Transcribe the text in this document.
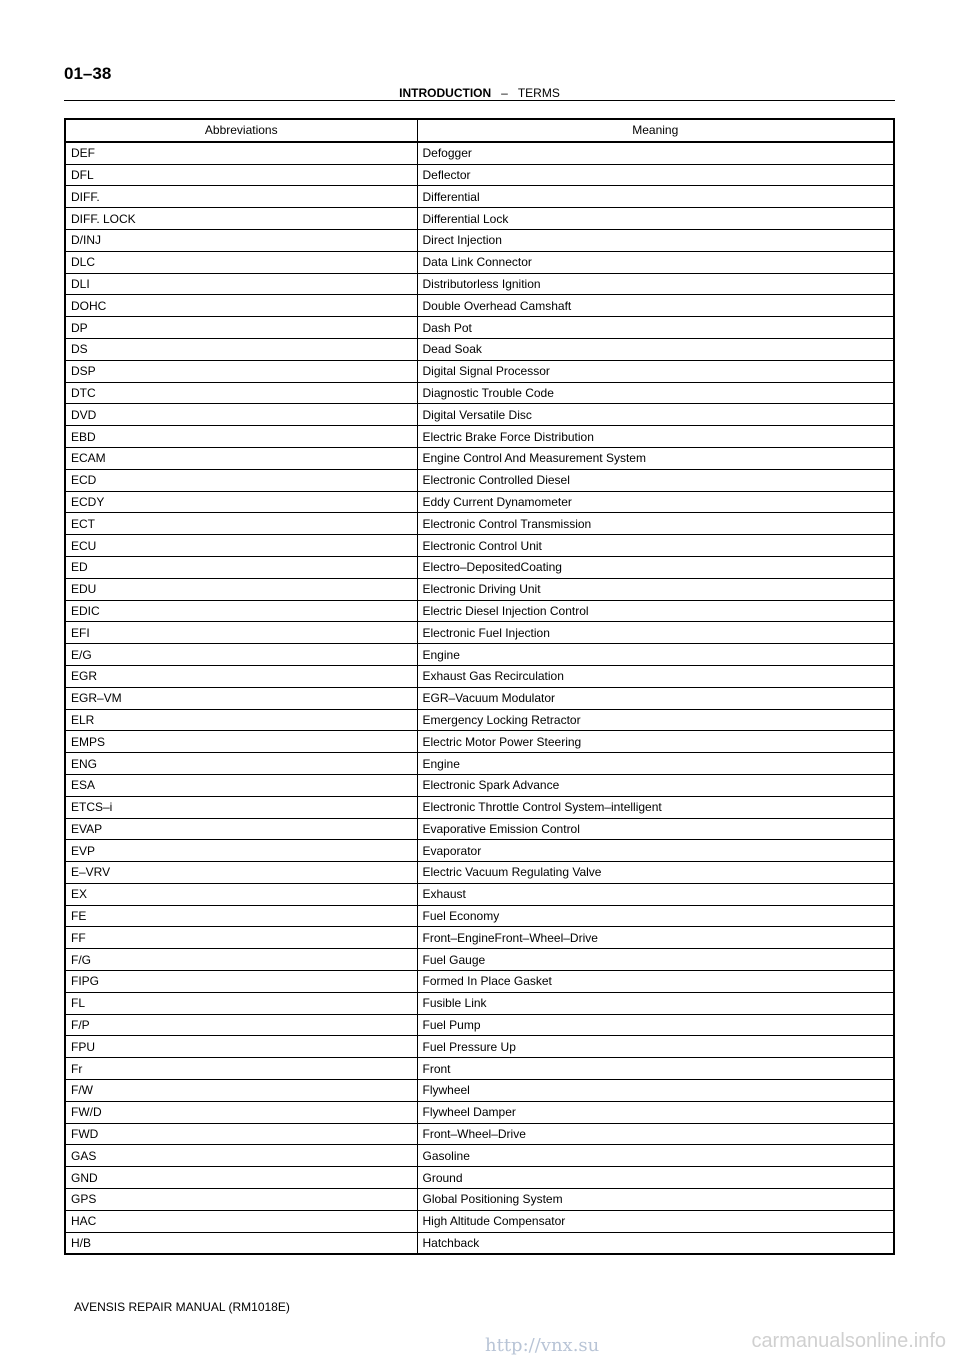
01–38
INTRODUCTION – TERMS
Abbreviations	Meaning
DEF	Defogger
DFL	Deflector
DIFF.	Differential
DIFF. LOCK	Differential Lock
D/INJ	Direct Injection
DLC	Data Link Connector
DLI	Distributorless Ignition
DOHC	Double Overhead Camshaft
DP	Dash Pot
DS	Dead Soak
DSP	Digital Signal Processor
DTC	Diagnostic Trouble Code
DVD	Digital Versatile Disc
EBD	Electric Brake Force Distribution
ECAM	Engine Control And Measurement System
ECD	Electronic Controlled Diesel
ECDY	Eddy Current Dynamometer
ECT	Electronic Control Transmission
ECU	Electronic Control Unit
ED	Electro–DepositedCoating
EDU	Electronic Driving Unit
EDIC	Electric Diesel Injection Control
EFI	Electronic Fuel Injection
E/G	Engine
EGR	Exhaust Gas Recirculation
EGR–VM	EGR–Vacuum Modulator
ELR	Emergency Locking Retractor
EMPS	Electric Motor Power Steering
ENG	Engine
ESA	Electronic Spark Advance
ETCS–i	Electronic Throttle Control System–intelligent
EVAP	Evaporative Emission Control
EVP	Evaporator
E–VRV	Electric Vacuum Regulating Valve
EX	Exhaust
FE	Fuel Economy
FF	Front–EngineFront–Wheel–Drive
F/G	Fuel Gauge
FIPG	Formed In Place Gasket
FL	Fusible Link
F/P	Fuel Pump
FPU	Fuel Pressure Up
Fr	Front
F/W	Flywheel
FW/D	Flywheel Damper
FWD	Front–Wheel–Drive
GAS	Gasoline
GND	Ground
GPS	Global Positioning System
HAC	High Altitude Compensator
H/B	Hatchback
AVENSIS REPAIR MANUAL (RM1018E)
http://vnx.su	carmanualsonline.info
